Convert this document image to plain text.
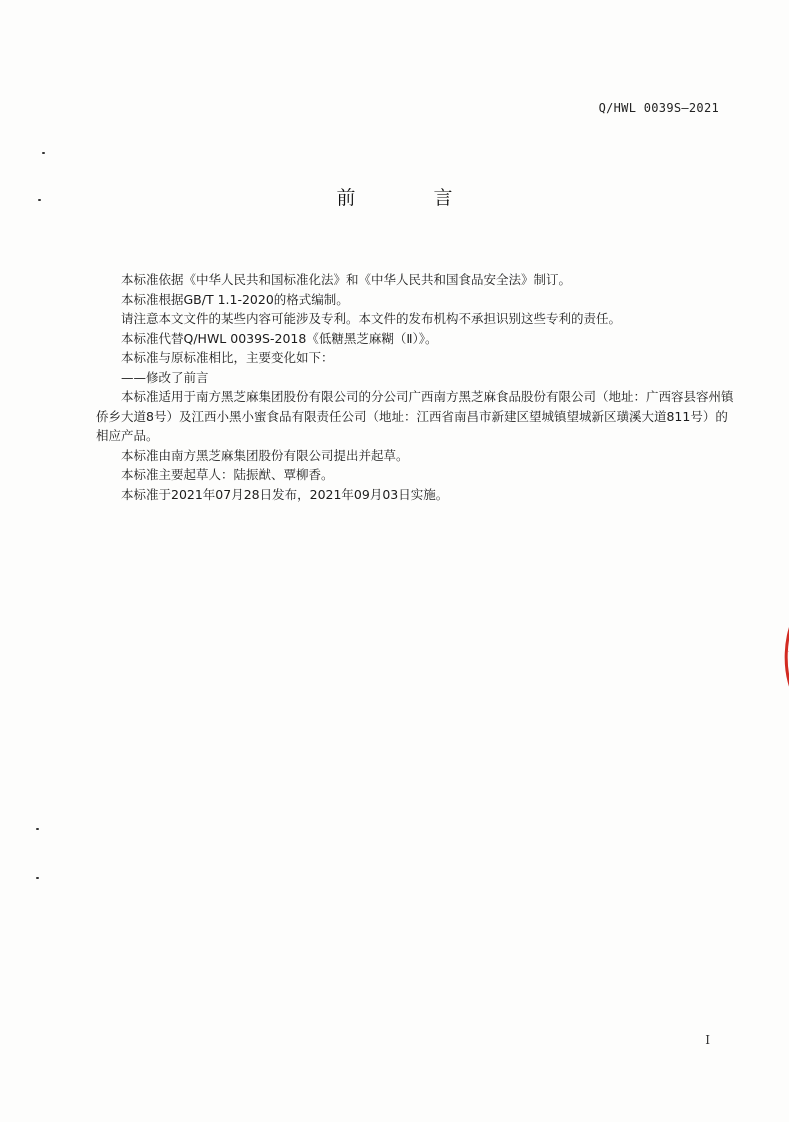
Q/HWL 0039S—2021
前 言

本标准依据《中华人民共和国标准化法》和《中华人民共和国食品安全法》制订。

本标准根据GB/T 1.1-2020的格式编制。

请注意本文文件的某些内容可能涉及专利。本文件的发布机构不承担识别这些专利的责任。

本标准代替Q/HWL 0039S-2018《低糖黑芝麻糊（Ⅱ）》。

本标准与原标准相比，主要变化如下：

——修改了前言

本标准适用于南方黑芝麻集团股份有限公司的分公司广西南方黑芝麻食品股份有限公司（地址：广西容县容州镇侨乡大道8号）及江西小黑小蜜食品有限责任公司（地址：江西省南昌市新建区望城镇望城新区璜溪大道811号）的相应产品。

本标准由南方黑芝麻集团股份有限公司提出并起草。

本标准主要起草人：陆振猷、覃柳香。

本标准于2021年07月28日发布，2021年09月03日实施。

I
